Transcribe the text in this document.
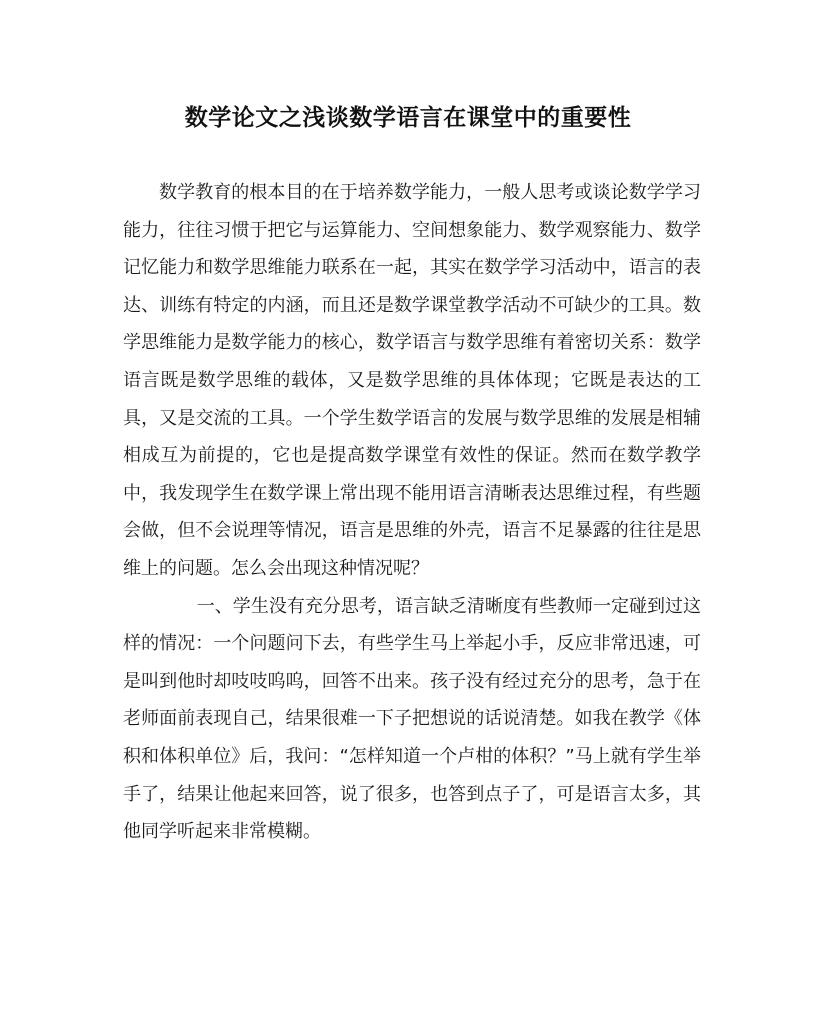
数学论文之浅谈数学语言在课堂中的重要性

数学教育的根本目的在于培养数学能力，一般人思考或谈论数学学习能力，往往习惯于把它与运算能力、空间想象能力、数学观察能力、数学记忆能力和数学思维能力联系在一起，其实在数学学习活动中，语言的表达、训练有特定的内涵，而且还是数学课堂教学活动不可缺少的工具。数学思维能力是数学能力的核心，数学语言与数学思维有着密切关系：数学语言既是数学思维的载体，又是数学思维的具体体现；它既是表达的工具，又是交流的工具。一个学生数学语言的发展与数学思维的发展是相辅相成互为前提的，它也是提高数学课堂有效性的保证。然而在数学教学中，我发现学生在数学课上常出现不能用语言清晰表达思维过程，有些题会做，但不会说理等情况，语言是思维的外壳，语言不足暴露的往往是思维上的问题。怎么会出现这种情况呢？

一、学生没有充分思考，语言缺乏清晰度有些教师一定碰到过这样的情况：一个问题问下去，有些学生马上举起小手，反应非常迅速，可是叫到他时却吱吱呜呜，回答不出来。孩子没有经过充分的思考，急于在老师面前表现自己，结果很难一下子把想说的话说清楚。如我在教学《体积和体积单位》后，我问：“怎样知道一个卢柑的体积？”马上就有学生举手了，结果让他起来回答，说了很多，也答到点子了，可是语言太多，其他同学听起来非常模糊。
